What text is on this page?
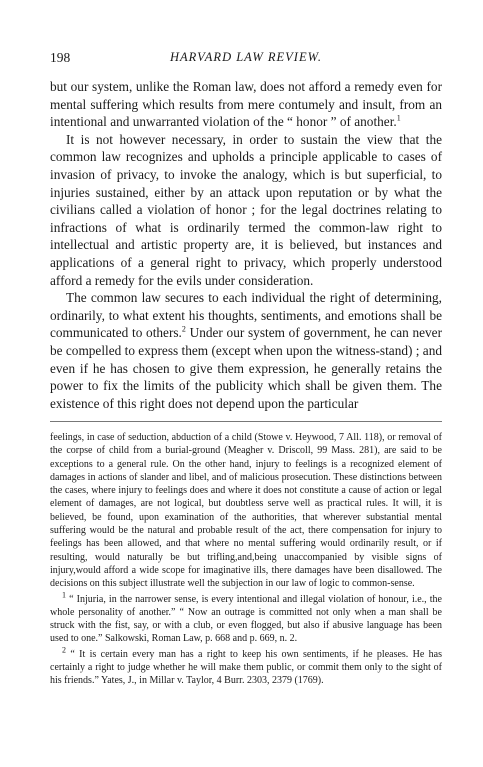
198	HARVARD LAW REVIEW.

but our system, unlike the Roman law, does not afford a remedy even for mental suffering which results from mere contumely and insult, from an intentional and unwarranted violation of the “ honor ” of another.$^1$

It is not however necessary, in order to sustain the view that the common law recognizes and upholds a principle applicable to cases of invasion of privacy, to invoke the analogy, which is but superficial, to injuries sustained, either by an attack upon reputation or by what the civilians called a violation of honor ; for the legal doctrines relating to infractions of what is ordinarily termed the common-law right to intellectual and artistic property are, it is believed, but instances and applications of a general right to privacy, which properly understood afford a remedy for the evils under consideration.

The common law secures to each individual the right of determining, ordinarily, to what extent his thoughts, sentiments, and emotions shall be communicated to others.$^2$ Under our system of government, he can never be compelled to express them (except when upon the witness-stand) ; and even if he has chosen to give them expression, he generally retains the power to fix the limits of the publicity which shall be given them. The existence of this right does not depend upon the particular

feelings, in case of seduction, abduction of a child (Stowe v. Heywood, 7 All. 118), or removal of the corpse of child from a burial-ground (Meagher v. Driscoll, 99 Mass. 281), are said to be exceptions to a general rule. On the other hand, injury to feelings is a recognized element of damages in actions of slander and libel, and of malicious prosecution. These distinctions between the cases, where injury to feelings does and where it does not constitute a cause of action or legal element of damages, are not logical, but doubtless serve well as practical rules. It will, it is believed, be found, upon examination of the authorities, that wherever substantial mental suffering would be the natural and probable result of the act, there compensation for injury to feelings has been allowed, and that where no mental suffering would ordinarily result, or if resulting, would naturally be but trifling,and,being unaccompanied by visible signs of injury,would afford a wide scope for imaginative ills, there damages have been disallowed. The decisions on this subject illustrate well the subjection in our law of logic to common-sense.

$^1$ “ Injuria, in the narrower sense, is every intentional and illegal violation of honour, i.e., the whole personality of another.” “ Now an outrage is committed not only when a man shall be struck with the fist, say, or with a club, or even flogged, but also if abusive language has been used to one.” Salkowski, Roman Law, p. 668 and p. 669, n. 2.

$^2$ “ It is certain every man has a right to keep his own sentiments, if he pleases. He has certainly a right to judge whether he will make them public, or commit them only to the sight of his friends.” Yates, J., in Millar v. Taylor, 4 Burr. 2303, 2379 (1769).
